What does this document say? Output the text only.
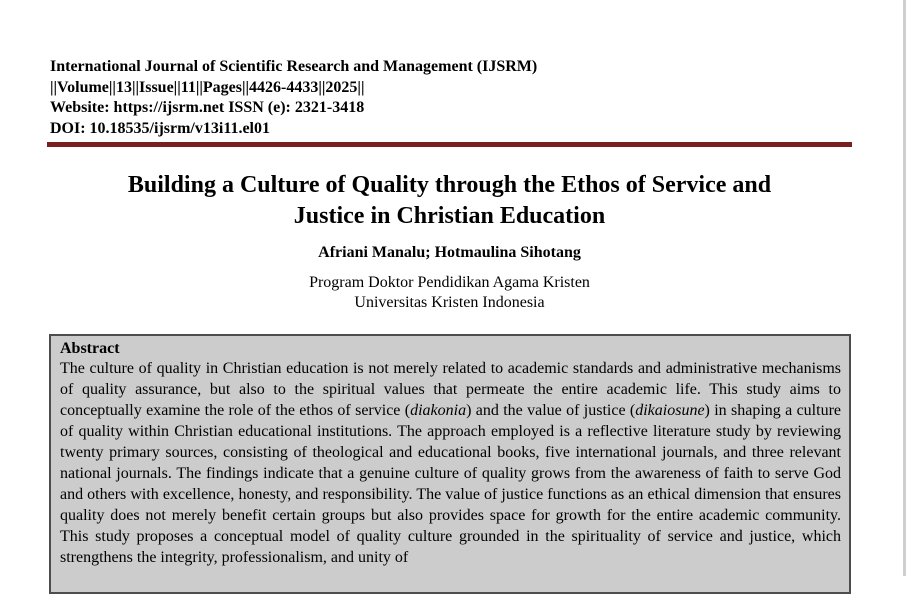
International Journal of Scientific Research and Management (IJSRM)
||Volume||13||Issue||11||Pages||4426-4433||2025||
Website: https://ijsrm.net ISSN (e): 2321-3418
DOI: 10.18535/ijsrm/v13i11.el01
Building a Culture of Quality through the Ethos of Service and
Justice in Christian Education
Afriani Manalu; Hotmaulina Sihotang
Program Doktor Pendidikan Agama Kristen
Universitas Kristen Indonesia
Abstract

The culture of quality in Christian education is not merely related to academic standards and administrative mechanisms of quality assurance, but also to the spiritual values that permeate the entire academic life. This study aims to conceptually examine the role of the ethos of service (diakonia) and the value of justice (dikaiosune) in shaping a culture of quality within Christian educational institutions. The approach employed is a reflective literature study by reviewing twenty primary sources, consisting of theological and educational books, five international journals, and three relevant national journals. The findings indicate that a genuine culture of quality grows from the awareness of faith to serve God and others with excellence, honesty, and responsibility. The value of justice functions as an ethical dimension that ensures quality does not merely benefit certain groups but also provides space for growth for the entire academic community. This study proposes a conceptual model of quality culture grounded in the spirituality of service and justice, which strengthens the integrity, professionalism, and unity of
